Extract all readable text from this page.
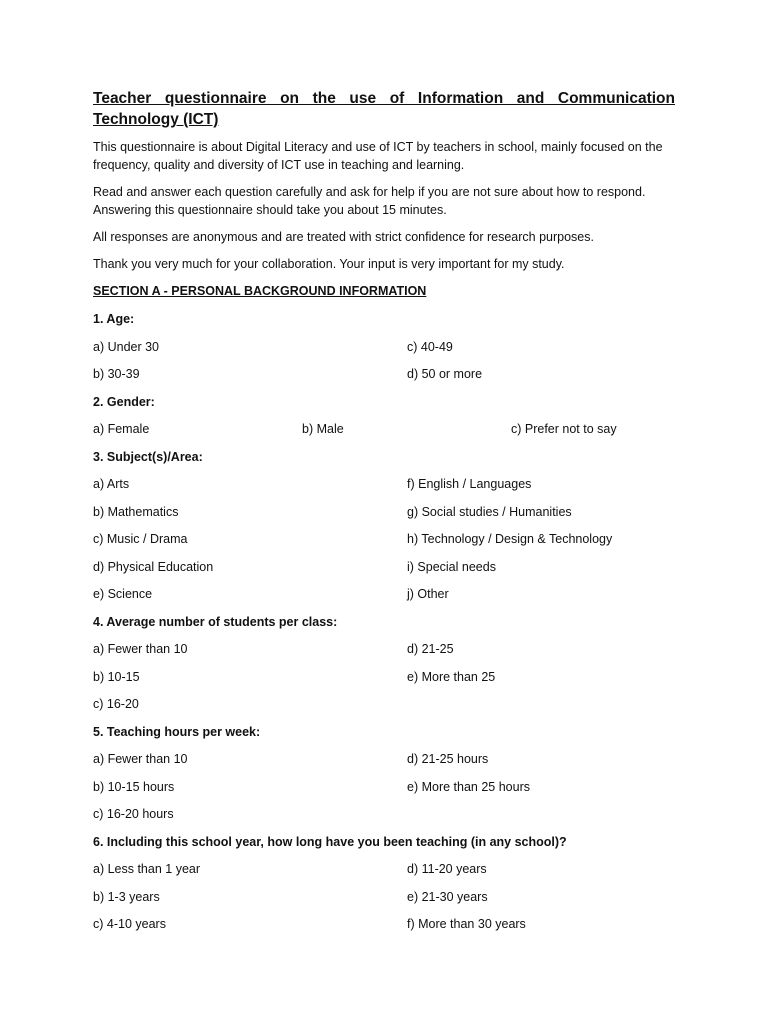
Teacher questionnaire on the use of Information and Communication Technology (ICT)
This questionnaire is about Digital Literacy and use of ICT by teachers in school, mainly focused on the frequency, quality and diversity of ICT use in teaching and learning.
Read and answer each question carefully and ask for help if you are not sure about how to respond. Answering this questionnaire should take you about 15 minutes.
All responses are anonymous and are treated with strict confidence for research purposes.
Thank you very much for your collaboration. Your input is very important for my study.
SECTION A - PERSONAL BACKGROUND INFORMATION
1. Age:
a) Under 30	c) 40-49
b) 30-39	d) 50 or more
2. Gender:
a) Female	b) Male	c) Prefer not to say
3. Subject(s)/Area:
a) Arts	f) English / Languages
b) Mathematics	g) Social studies / Humanities
c) Music / Drama	h) Technology / Design & Technology
d) Physical Education	i) Special needs
e) Science	j) Other
4. Average number of students per class:
a) Fewer than 10	d) 21-25
b) 10-15	e) More than 25
c) 16-20
5. Teaching hours per week:
a) Fewer than 10	d) 21-25 hours
b) 10-15 hours	e) More than 25 hours
c) 16-20 hours
6. Including this school year, how long have you been teaching (in any school)?
a) Less than 1 year	d) 11-20 years
b) 1-3 years	e) 21-30 years
c) 4-10 years	f) More than 30 years
